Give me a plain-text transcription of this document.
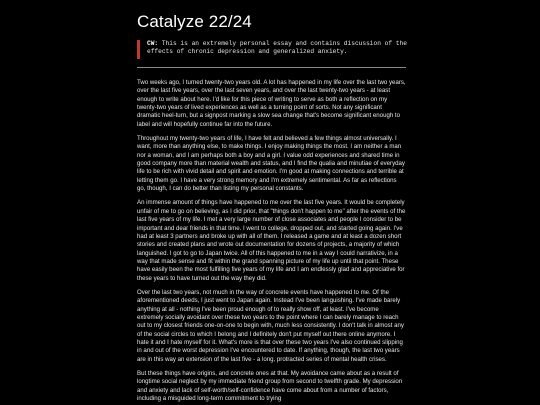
Catalyze 22/24
CW: This is an extremely personal essay and contains discussion of the effects of chronic depression and generalized anxiety.

Two weeks ago, I turned twenty-two years old. A lot has happened in my life over the last two years, over the last five years, over the last seven years, and over the last twenty-two years - at least enough to write about here. I'd like for this piece of writing to serve as both a reflection on my twenty-two years of lived experiences as well as a turning point of sorts. Not any significant dramatic heel-turn, but a signpost marking a slow sea change that's become significant enough to label and will hopefully continue far into the future.

Throughout my twenty-two years of life, I have felt and believed a few things almost universally. I want, more than anything else, to make things. I enjoy making things the most. I am neither a man nor a woman, and I am perhaps both a boy and a girl. I value odd experiences and shared time in good company more than material wealth and status, and I find the qualia and minutiae of everyday life to be rich with vivid detail and spirit and emotion. I'm good at making connections and terrible at letting them go. I have a very strong memory and I'm extremely sentimental. As far as reflections go, though, I can do better than listing my personal constants.

An immense amount of things have happened to me over the last five years. It would be completely unfair of me to go on believing, as I did prior, that "things don't happen to me" after the events of the last five years of my life. I met a very large number of close associates and people I consider to be important and dear friends in that time. I went to college, dropped out, and started going again. I've had at least 3 partners and broke up with all of them. I released a game and at least a dozen short stories and created plans and wrote out documentation for dozens of projects, a majority of which languished. I got to go to Japan twice. All of this happened to me in a way I could narrativize, in a way that made sense and fit within the grand spanning picture of my life up until that point. These have easily been the most fulfilling five years of my life and I am endlessly glad and appreciative for these years to have turned out the way they did.

Over the last two years, not much in the way of concrete events have happened to me. Of the aforementioned deeds, I just went to Japan again. Instead I've been languishing. I've made barely anything at all - nothing I've been proud enough of to really show off, at least. I've become extremely socially avoidant over these two years to the point where I can barely manage to reach out to my closest friends one-on-one to begin with, much less consistently. I don't talk in almost any of the social circles to which I belong and I definitely don't put myself out there online anymore. I hate it and I hate myself for it. What's more is that over these two years I've also continued slipping in and out of the worst depression I've encountered to date. If anything, though, the last two years are in this way an extension of the last five - a long, protracted series of mental health crises.

But these things have origins, and concrete ones at that. My avoidance came about as a result of longtime social neglect by my immediate friend group from second to twelfth grade. My depression and anxiety and lack of self-worth/self-confidence have come about from a number of factors, including a misguided long-term commitment to trying
